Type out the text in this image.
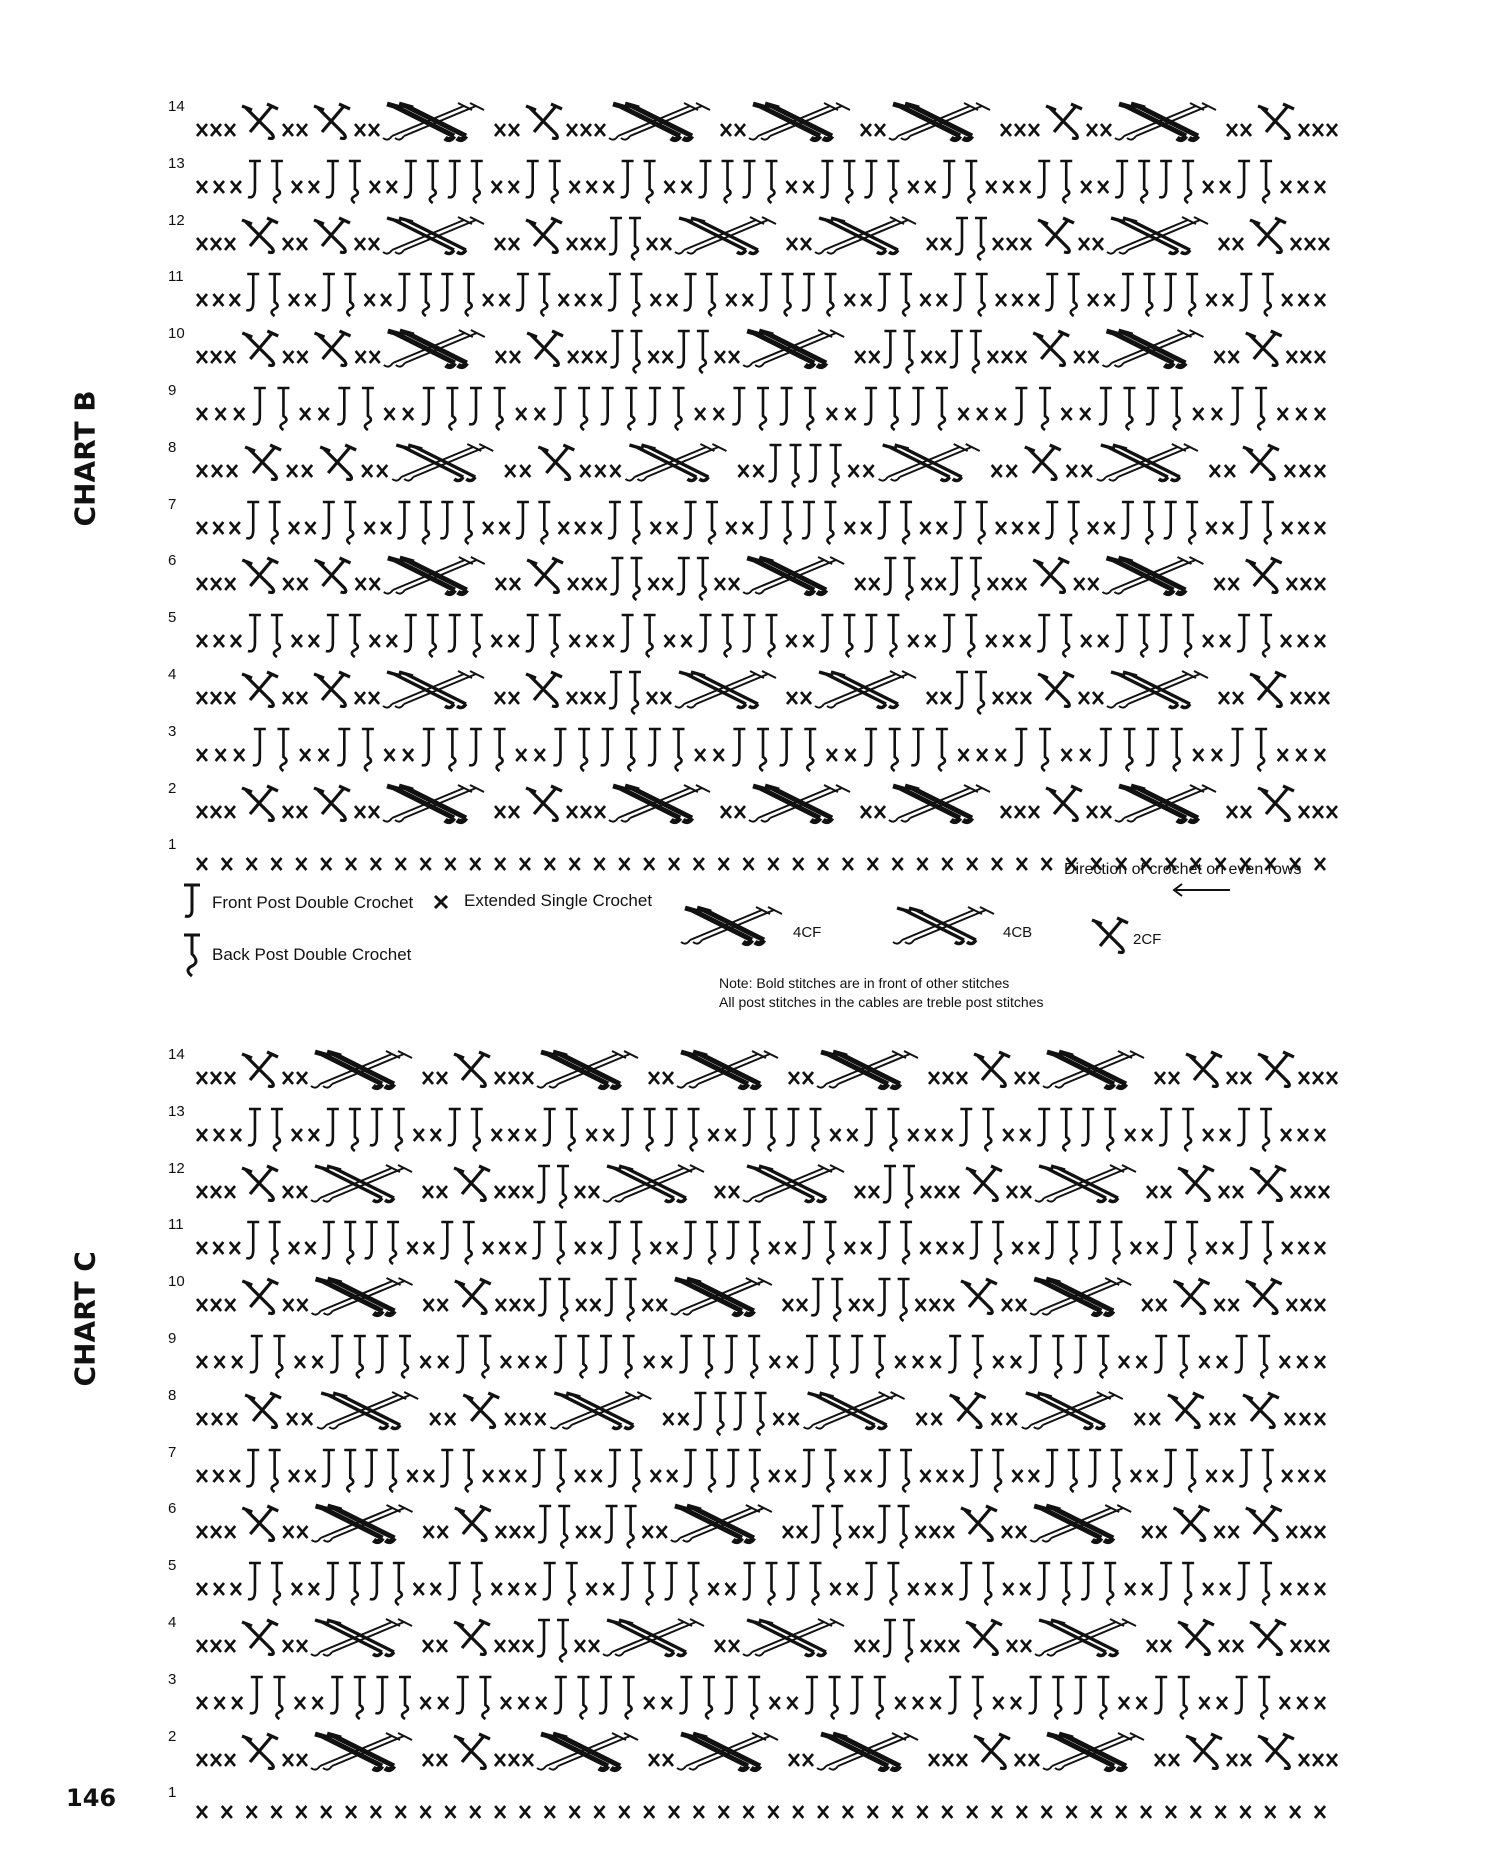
CHART B
14
13
12
11
10
9
8
7
6
5
4
3
2
1
Front Post Double Crochet	Extended Single Crochet
Back Post Double Crochet
4CF	4CB	2CF
Direction of crochet on even rows
Note: Bold stitches are in front of other stitches
All post stitches in the cables are treble post stitches
CHART C
14
13
12
11
10
9
8
7
6
5
4
3
2
1
146
